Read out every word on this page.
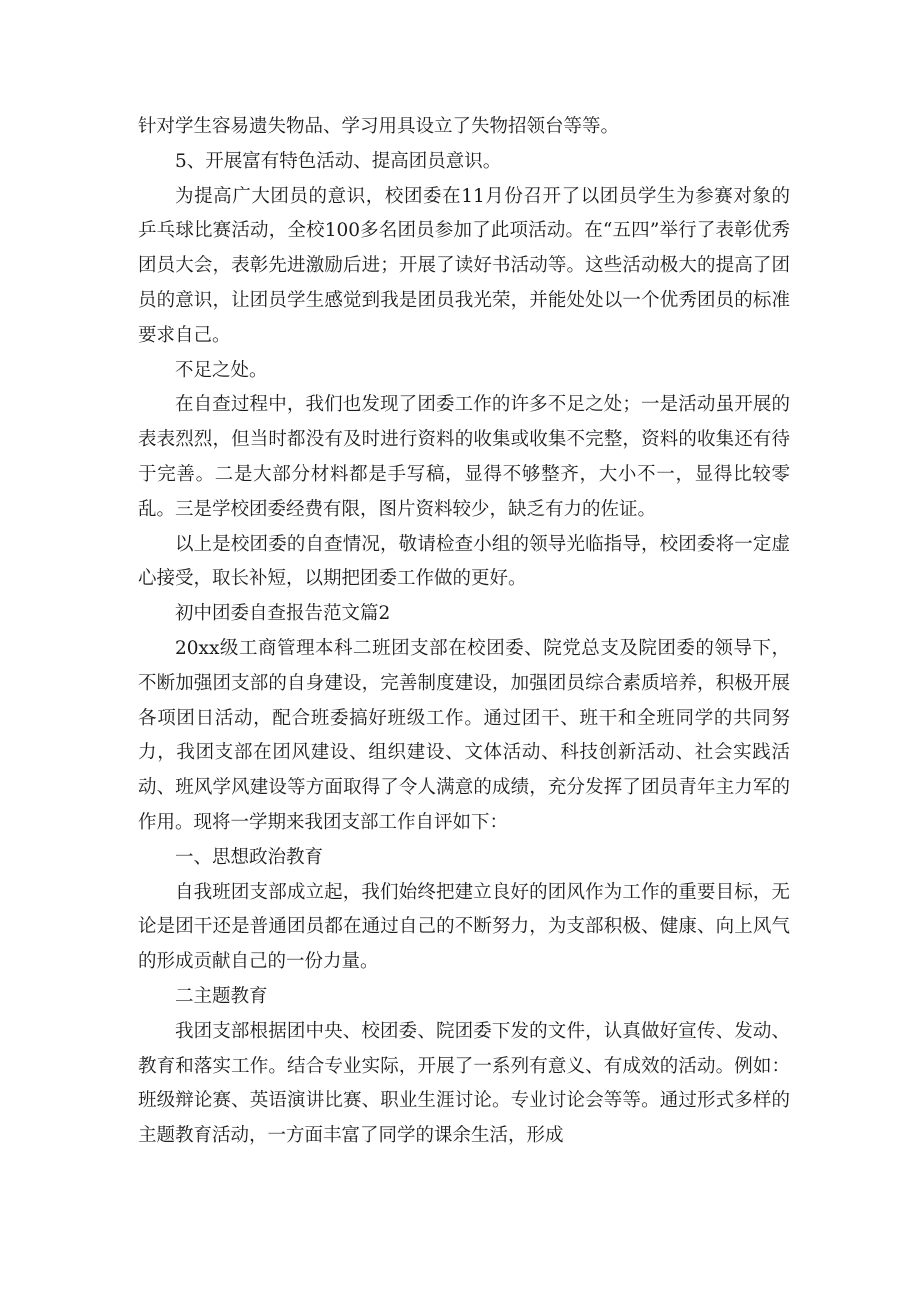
针对学生容易遗失物品、学习用具设立了失物招领台等等。

5、开展富有特色活动、提高团员意识。

为提高广大团员的意识，校团委在11月份召开了以团员学生为参赛对象的乒乓球比赛活动，全校100多名团员参加了此项活动。在“五四”举行了表彰优秀团员大会，表彰先进激励后进；开展了读好书活动等。这些活动极大的提高了团员的意识，让团员学生感觉到我是团员我光荣，并能处处以一个优秀团员的标准要求自己。

不足之处。

在自查过程中，我们也发现了团委工作的许多不足之处；一是活动虽开展的表表烈烈，但当时都没有及时进行资料的收集或收集不完整，资料的收集还有待于完善。二是大部分材料都是手写稿，显得不够整齐，大小不一，显得比较零乱。三是学校团委经费有限，图片资料较少，缺乏有力的佐证。

以上是校团委的自查情况，敬请检查小组的领导光临指导，校团委将一定虚心接受，取长补短，以期把团委工作做的更好。

初中团委自查报告范文篇2

20xx级工商管理本科二班团支部在校团委、院党总支及院团委的领导下，不断加强团支部的自身建设，完善制度建设，加强团员综合素质培养，积极开展各项团日活动，配合班委搞好班级工作。通过团干、班干和全班同学的共同努力，我团支部在团风建设、组织建设、文体活动、科技创新活动、社会实践活动、班风学风建设等方面取得了令人满意的成绩，充分发挥了团员青年主力军的作用。现将一学期来我团支部工作自评如下：

一、思想政治教育

自我班团支部成立起，我们始终把建立良好的团风作为工作的重要目标，无论是团干还是普通团员都在通过自己的不断努力，为支部积极、健康、向上风气的形成贡献自己的一份力量。

二主题教育

我团支部根据团中央、校团委、院团委下发的文件，认真做好宣传、发动、教育和落实工作。结合专业实际，开展了一系列有意义、有成效的活动。例如：班级辩论赛、英语演讲比赛、职业生涯讨论。专业讨论会等等。通过形式多样的主题教育活动，一方面丰富了同学的课余生活，形成
